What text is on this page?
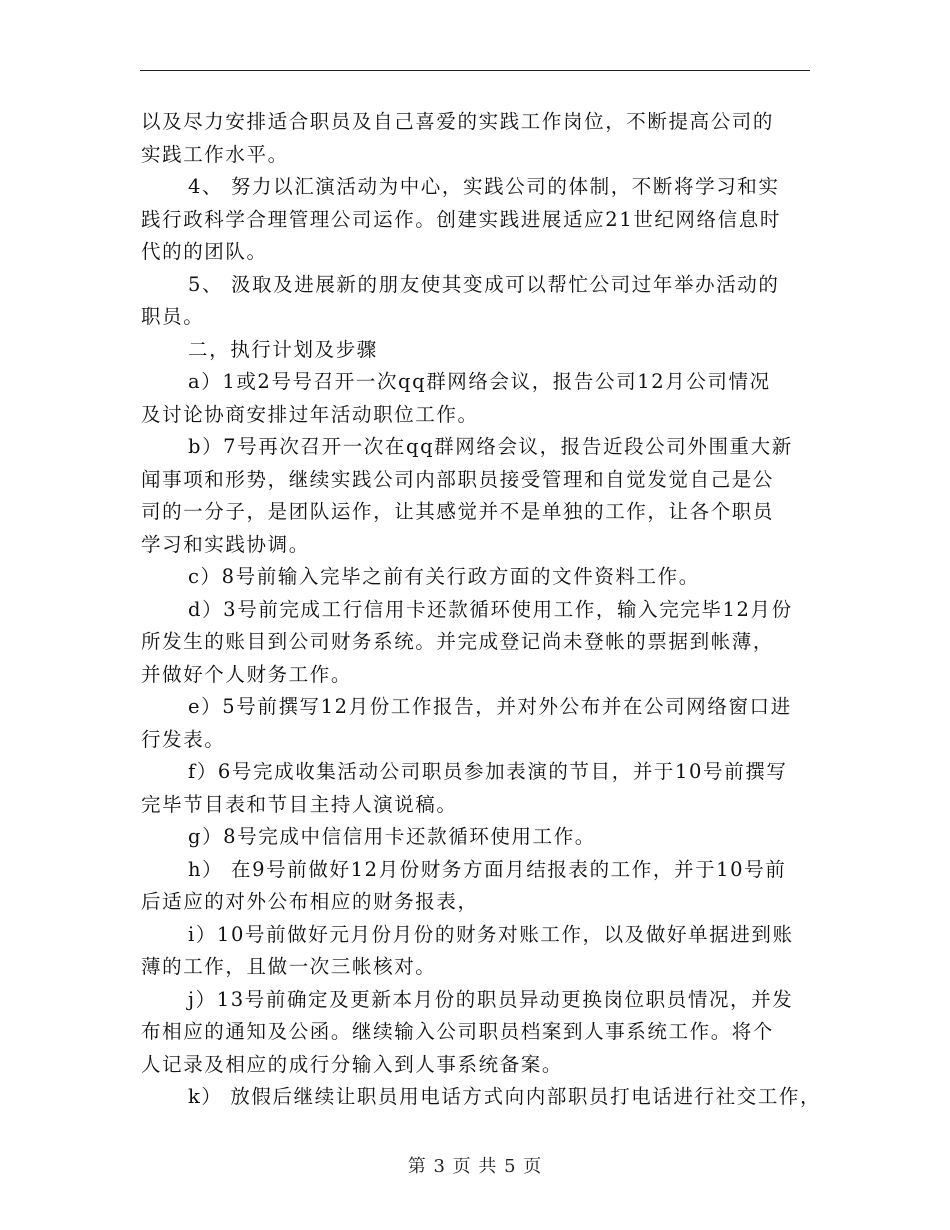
以及尽力安排适合职员及自己喜爱的实践工作岗位，不断提高公司的
实践工作水平。

4、 努力以汇演活动为中心，实践公司的体制，不断将学习和实
践行政科学合理管理公司运作。创建实践进展适应21世纪网络信息时
代的的团队。

5、 汲取及进展新的朋友使其变成可以帮忙公司过年举办活动的
职员。

二，执行计划及步骤

a）1或2号号召开一次qq群网络会议，报告公司12月公司情况
及讨论协商安排过年活动职位工作。

b）7号再次召开一次在qq群网络会议，报告近段公司外围重大新
闻事项和形势，继续实践公司内部职员接受管理和自觉发觉自己是公
司的一分子，是团队运作，让其感觉并不是单独的工作，让各个职员
学习和实践协调。

c）8号前输入完毕之前有关行政方面的文件资料工作。

d）3号前完成工行信用卡还款循环使用工作，输入完完毕12月份
所发生的账目到公司财务系统。并完成登记尚未登帐的票据到帐薄，
并做好个人财务工作。

e）5号前撰写12月份工作报告，并对外公布并在公司网络窗口进
行发表。

f）6号完成收集活动公司职员参加表演的节目，并于10号前撰写
完毕节目表和节目主持人演说稿。

g）8号完成中信信用卡还款循环使用工作。

h） 在9号前做好12月份财务方面月结报表的工作，并于10号前
后适应的对外公布相应的财务报表，

i）10号前做好元月份月份的财务对账工作，以及做好单据进到账
薄的工作，且做一次三帐核对。

j）13号前确定及更新本月份的职员异动更换岗位职员情况，并发
布相应的通知及公函。继续输入公司职员档案到人事系统工作。将个
人记录及相应的成行分输入到人事系统备案。

k） 放假后继续让职员用电话方式向内部职员打电话进行社交工作，

第 3 页 共 5 页
